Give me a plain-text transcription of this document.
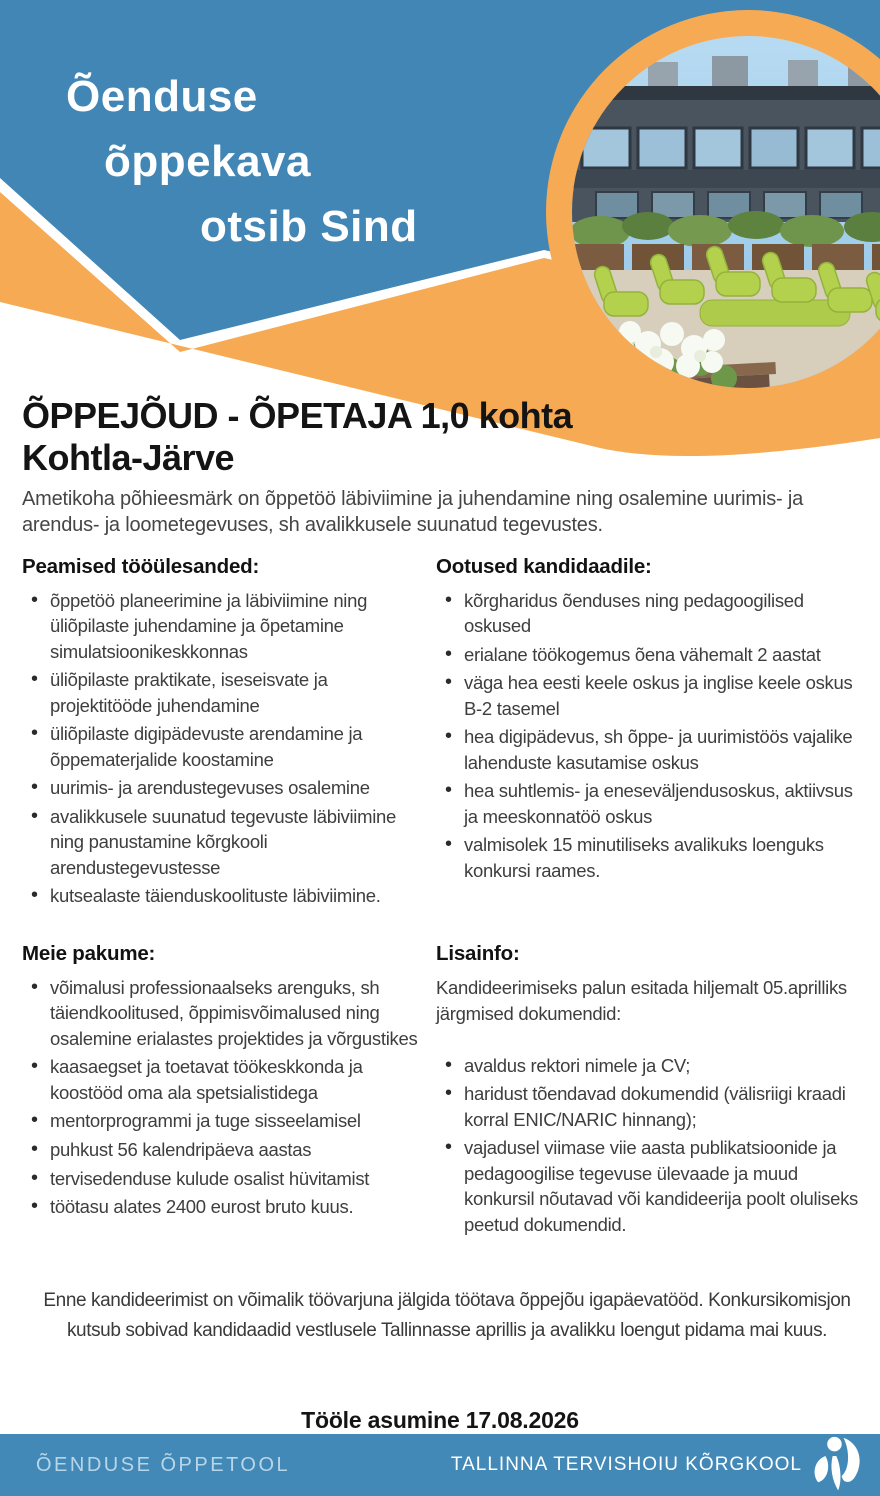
Õenduse
õppekava
otsib Sind
ÕPPEJÕUD - ÕPETAJA 1,0 kohta
Kohtla-Järve

Ametikoha põhieesmärk on õppetöö läbiviimine ja juhendamine ning osalemine uurimis- ja arendus- ja loometegevuses, sh avalikkusele suunatud tegevustes.

Peamised tööülesanded:
• õppetöö planeerimine ja läbiviimine ning üliõpilaste juhendamine ja õpetamine simulatsioonikeskkonnas
• üliõpilaste praktikate, iseseisvate ja projektitööde juhendamine
• üliõpilaste digipädevuste arendamine ja õppematerjalide koostamine
• uurimis- ja arendustegevuses osalemine
• avalikkusele suunatud tegevuste läbiviimine ning panustamine kõrgkooli arendustegevustesse
• kutsealaste täienduskoolituste läbiviimine.
Ootused kandidaadile:
• kõrgharidus õenduses ning pedagoogilised oskused
• erialane töökogemus õena vähemalt 2 aastat
• väga hea eesti keele oskus ja inglise keele oskus B-2 tasemel
• hea digipädevus, sh õppe- ja uurimistöös vajalike lahenduste kasutamise oskus
• hea suhtlemis- ja eneseväljendusoskus, aktiivsus ja meeskonnatöö oskus
• valmisolek 15 minutiliseks avalikuks loenguks konkursi raames.
Meie pakume:
• võimalusi professionaalseks arenguks, sh täiendkoolitused, õppimisvõimalused ning osalemine erialastes projektides ja võrgustikes
• kaasaegset ja toetavat töökeskkonda ja koostööd oma ala spetsialistidega
• mentorprogrammi ja tuge sisseelamisel
• puhkust 56 kalendripäeva aastas
• tervisedenduse kulude osalist hüvitamist
• töötasu alates 2400 eurost bruto kuus.
Lisainfo:

Kandideerimiseks palun esitada hiljemalt 05.aprilliks järgmised dokumendid:

• avaldus rektori nimele ja CV;
• haridust tõendavad dokumendid (välisriigi kraadi korral ENIC/NARIC hinnang);
• vajadusel viimase viie aasta publikatsioonide ja pedagoogilise tegevuse ülevaade ja muud konkursil nõutavad või kandideerija poolt oluliseks peetud dokumendid.

Enne kandideerimist on võimalik töövarjuna jälgida töötava õppejõu igapäevatööd. Konkursikomisjon kutsub sobivad kandidaadid vestlusele Tallinnasse aprillis ja avalikku loengut pidama mai kuus.

Tööle asumine 17.08.2026

ÕENDUSE ÕPPETOOL	TALLINNA TERVISHOIU KÕRGKOOL
